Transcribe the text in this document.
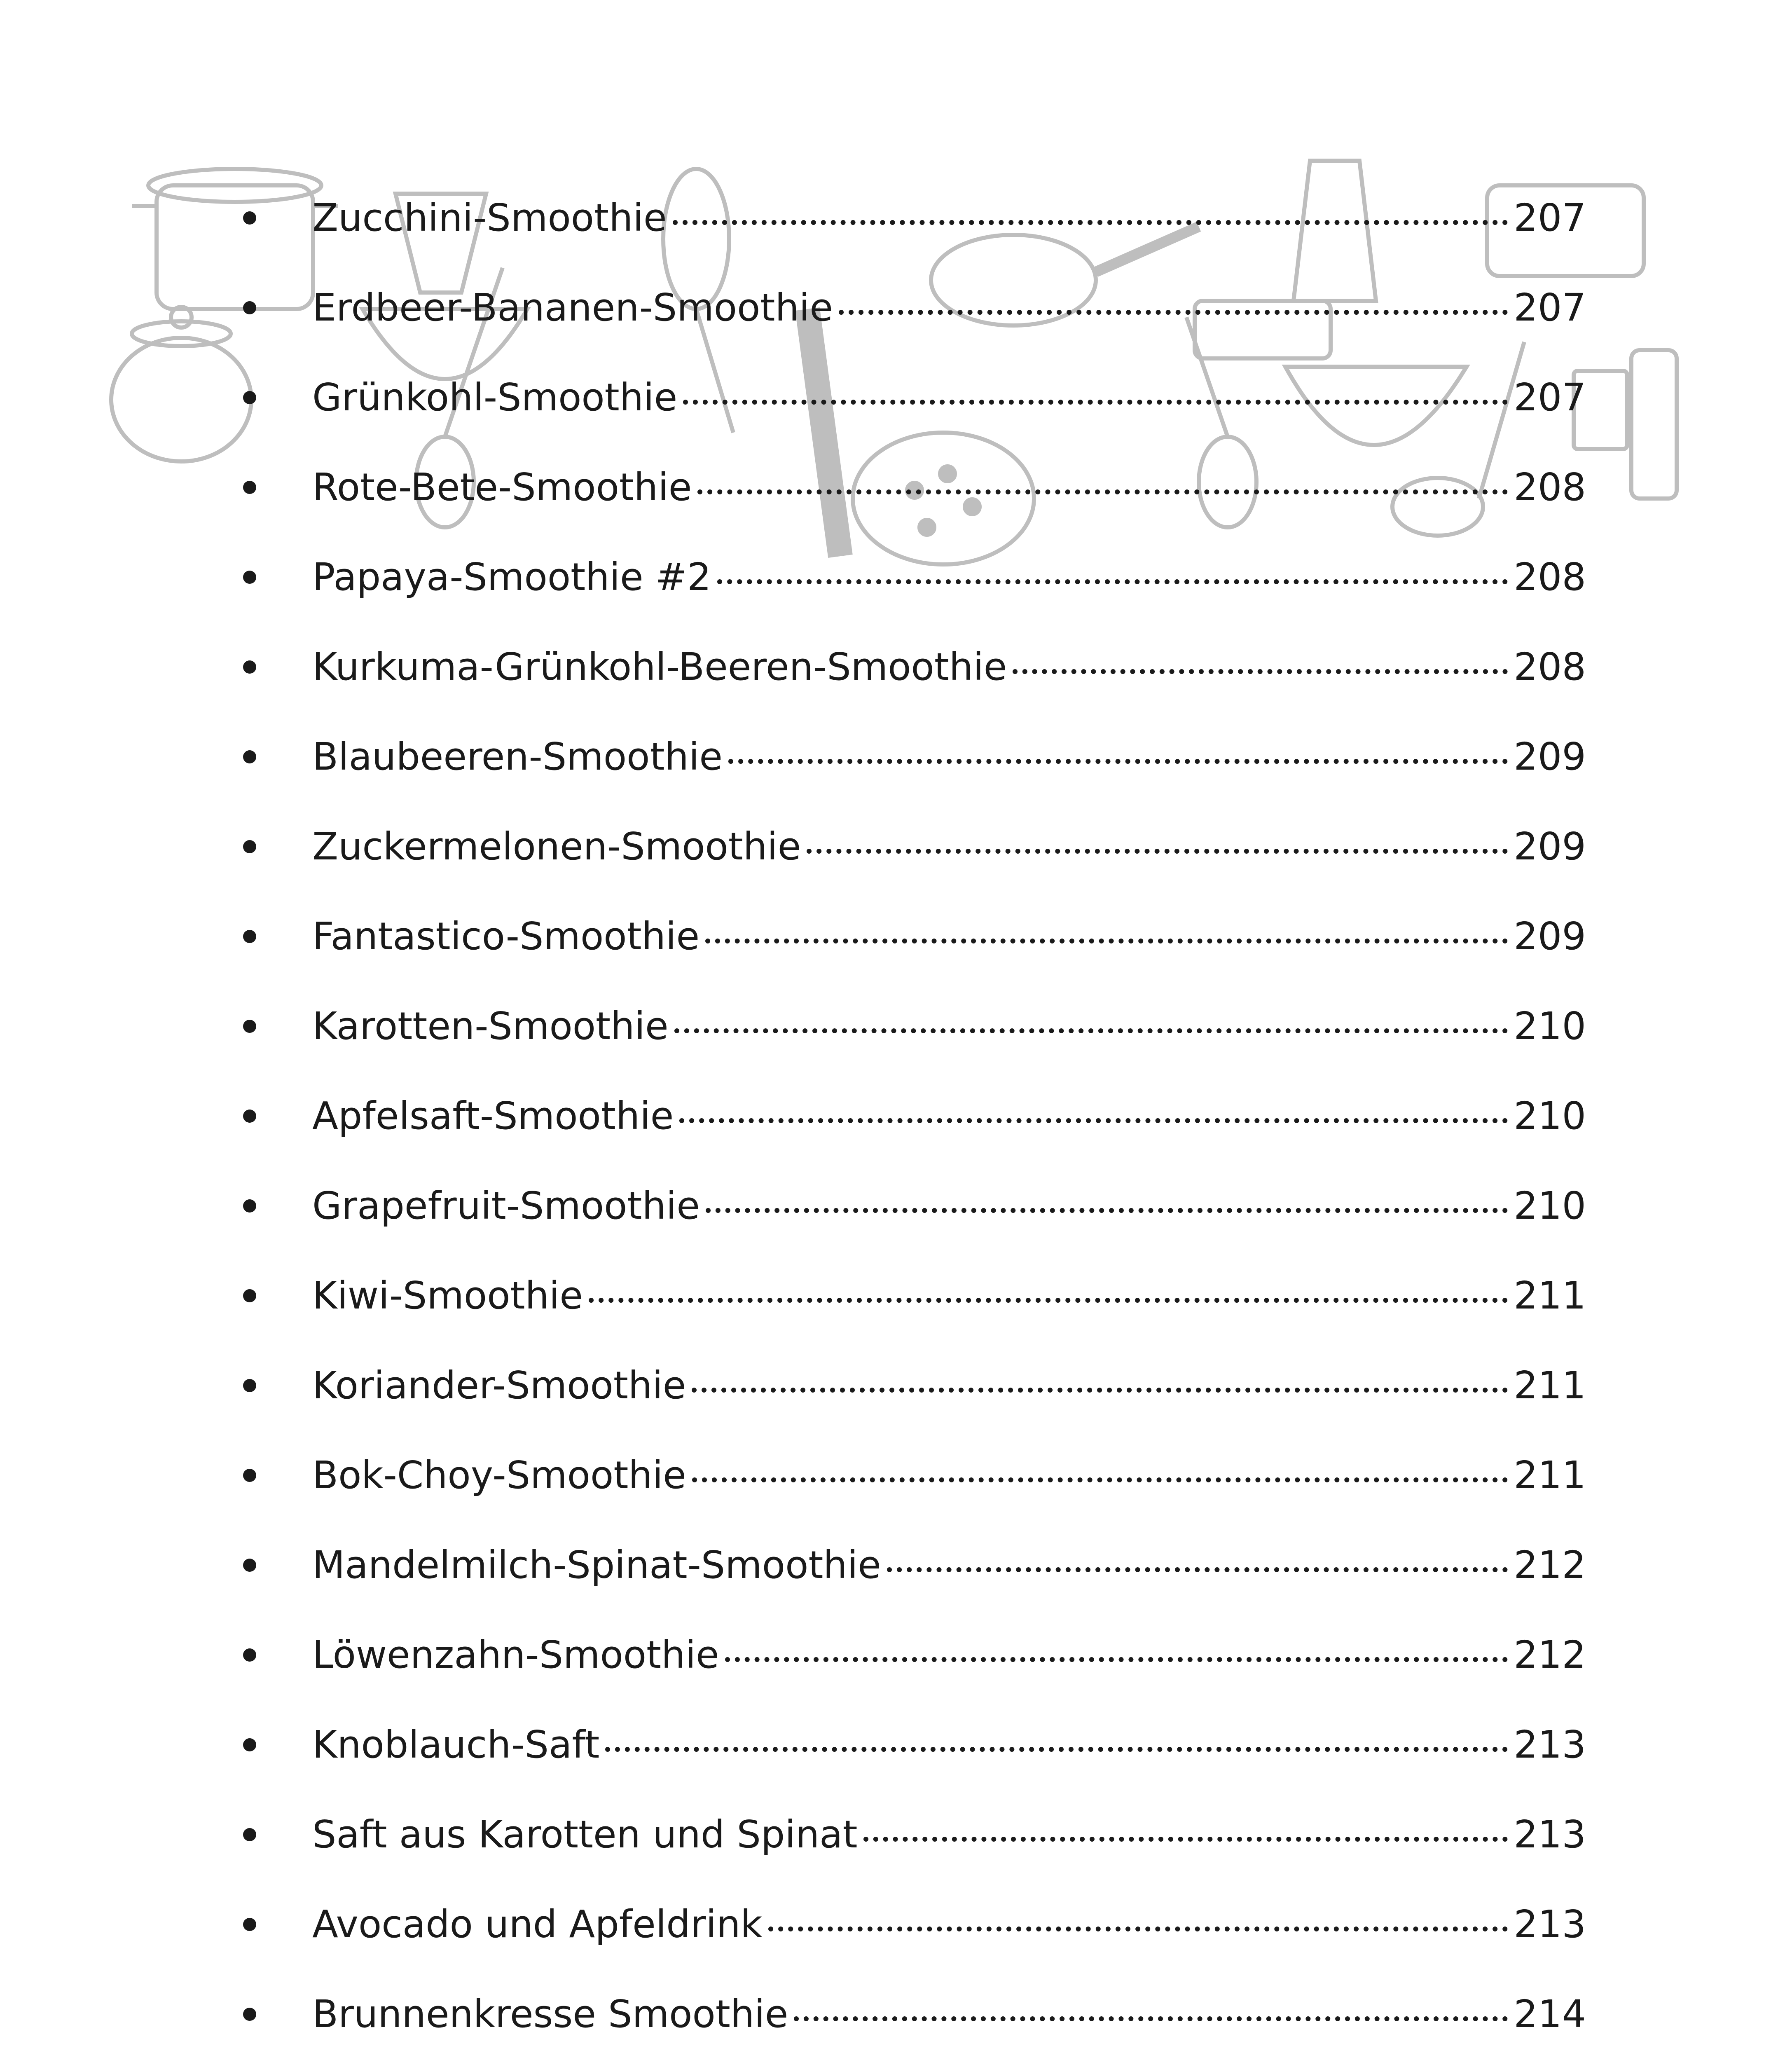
Zucchini-Smoothie	207
Erdbeer-Bananen-Smoothie	207
Grünkohl-Smoothie	207
Rote-Bete-Smoothie	208
Papaya-Smoothie #2	208
Kurkuma-Grünkohl-Beeren-Smoothie	208
Blaubeeren-Smoothie	209
Zuckermelonen-Smoothie	209
Fantastico-Smoothie	209
Karotten-Smoothie	210
Apfelsaft-Smoothie	210
Grapefruit-Smoothie	210
Kiwi-Smoothie	211
Koriander-Smoothie	211
Bok-Choy-Smoothie	211
Mandelmilch-Spinat-Smoothie	212
Löwenzahn-Smoothie	212
Knoblauch-Saft	213
Saft aus Karotten und Spinat	213
Avocado und Apfeldrink	213
Brunnenkresse Smoothie	214
